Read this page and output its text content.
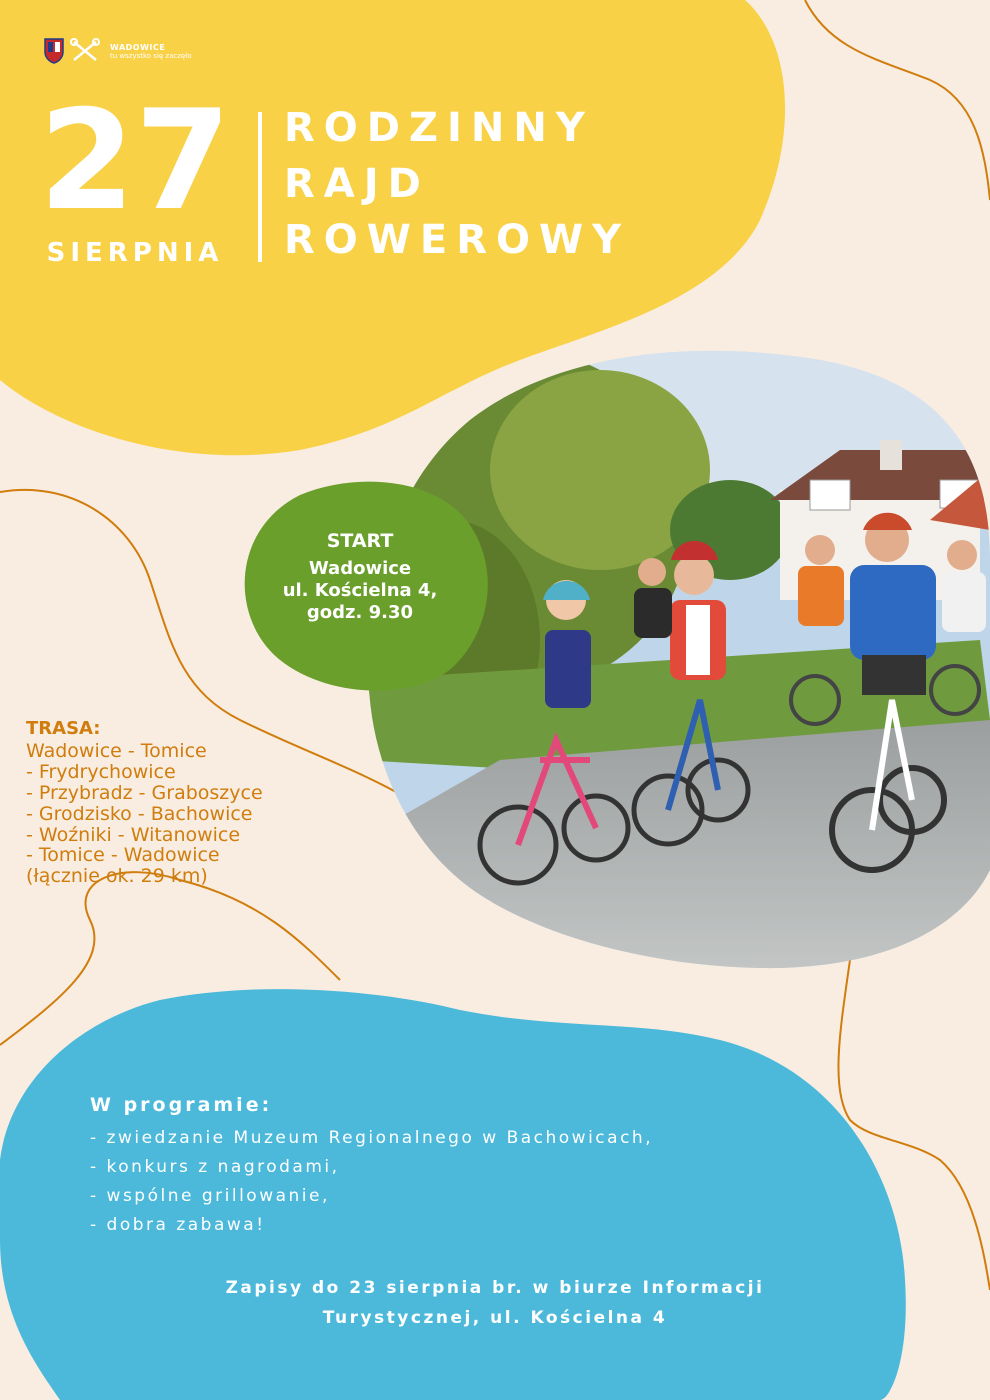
WADOWICE
tu wszystko się zaczęło
27
SIERPNIA
RODZINNY
RAJD
ROWEROWY
START
Wadowice
ul. Kościelna 4,
godz. 9.30
TRASA:
Wadowice - Tomice
- Frydrychowice
- Przybradz - Graboszyce
- Grodzisko - Bachowice
- Woźniki - Witanowice
- Tomice - Wadowice
(łącznie ok. 29 km)
W programie:
- zwiedzanie Muzeum Regionalnego w Bachowicach,
- konkurs z nagrodami,
- wspólne grillowanie,
- dobra zabawa!
Zapisy do 23 sierpnia br. w biurze Informacji
Turystycznej, ul. Kościelna 4
